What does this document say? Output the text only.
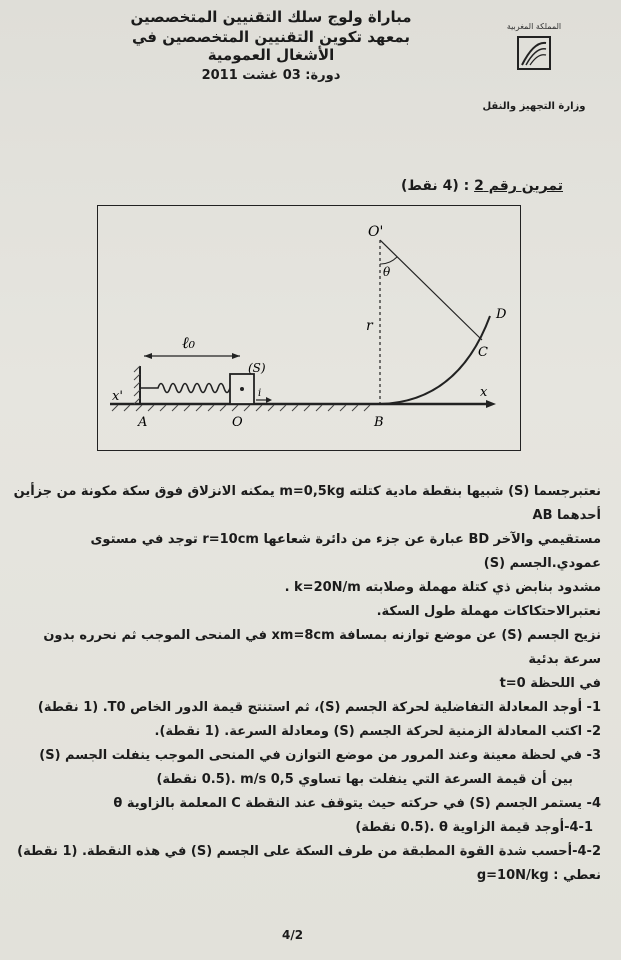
مباراة ولوج سلك التقنيين المتخصصين
بمعهد تكوين التقنيين المتخصصين في الأشغال العمومية
دورة: 03 غشت 2011
المملكة المغربية
وزارة التجهيز والنقل
تمرين رقم 2 : (4 نقط)
O'
θ
r
D
C
ℓ₀
(S)
i
x'	x
A	O	B

نعتبرجسما (S) شبيها بنقطة مادية كتلته m=0,5kg يمكنه الانزلاق فوق سكة مكونة من جزأين أحدهما AB

مستقيمي والآخر BD عبارة عن جزء من دائرة شعاعها r=10cm توجد في مستوى عمودي.الجسم (S)

مشدود بنابض ذي كتلة مهملة وصلابته k=20N/m .

نعتبرالاحتكاكات مهملة طول السكة.

نزيح الجسم (S) عن موضع توازنه بمسافة xm=8cm في المنحى الموجب ثم نحرره بدون سرعة بدئية

في اللحظة t=0

1- أوجد المعادلة التفاضلية لحركة الجسم (S)، ثم استنتج قيمة الدور الخاص T0. (1 نقطة)

2- اكتب المعادلة الزمنية لحركة الجسم (S) ومعادلة السرعة. (1 نقطة).

3- في لحظة معينة وعند المرور من موضع التوازن في المنحى الموجب ينفلت الجسم (S)

بين أن قيمة السرعة التي ينفلت بها تساوي 0,5 m/s .(0.5 نقطة)

4- يستمر الجسم (S) في حركته حيث يتوقف عند النقطة C المعلمة بالزاوية θ

4-1-أوجد قيمة الزاوية θ .(0.5 نقطة)

4-2-أحسب شدة القوة المطبقة من طرف السكة على الجسم (S) في هذه النقطة. (1 نقطة)

نعطي : g=10N/kg

4/2
